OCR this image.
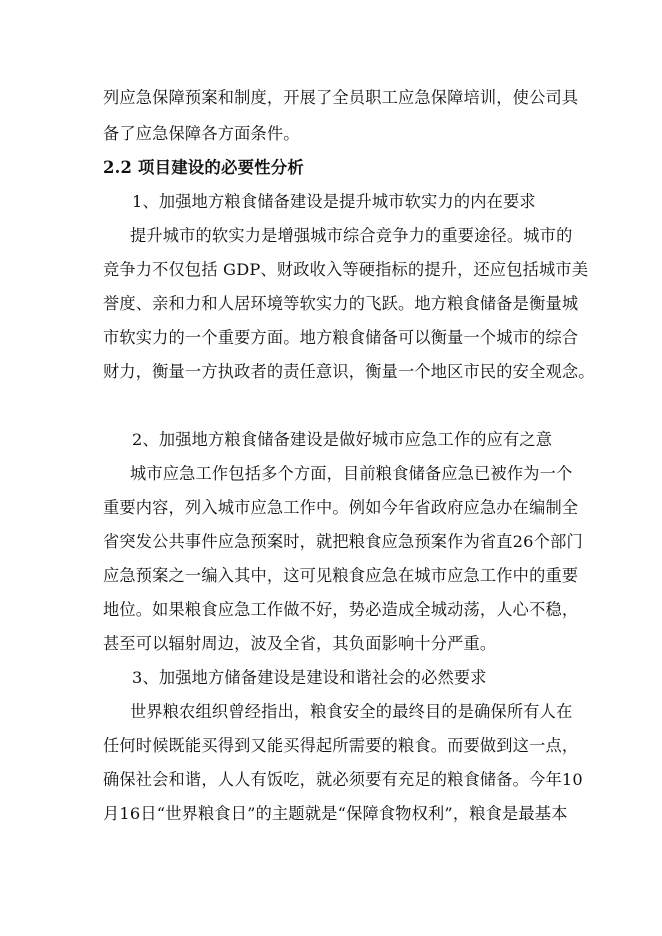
列应急保障预案和制度，开展了全员职工应急保障培训，使公司具
备了应急保障各方面条件。
2.2 项目建设的必要性分析
1、加强地方粮食储备建设是提升城市软实力的内在要求
提升城市的软实力是增强城市综合竞争力的重要途径。城市的
竞争力不仅包括 GDP、财政收入等硬指标的提升，还应包括城市美
誉度、亲和力和人居环境等软实力的飞跃。地方粮食储备是衡量城
市软实力的一个重要方面。地方粮食储备可以衡量一个城市的综合
财力，衡量一方执政者的责任意识，衡量一个地区市民的安全观念。
2、加强地方粮食储备建设是做好城市应急工作的应有之意
城市应急工作包括多个方面，目前粮食储备应急已被作为一个
重要内容，列入城市应急工作中。例如今年省政府应急办在编制全
省突发公共事件应急预案时，就把粮食应急预案作为省直26个部门
应急预案之一编入其中，这可见粮食应急在城市应急工作中的重要
地位。如果粮食应急工作做不好，势必造成全城动荡，人心不稳，
甚至可以辐射周边，波及全省，其负面影响十分严重。
3、加强地方储备建设是建设和谐社会的必然要求
世界粮农组织曾经指出，粮食安全的最终目的是确保所有人在
任何时候既能买得到又能买得起所需要的粮食。而要做到这一点，
确保社会和谐，人人有饭吃，就必须要有充足的粮食储备。今年10
月16日“世界粮食日”的主题就是“保障食物权利”，粮食是最基本
